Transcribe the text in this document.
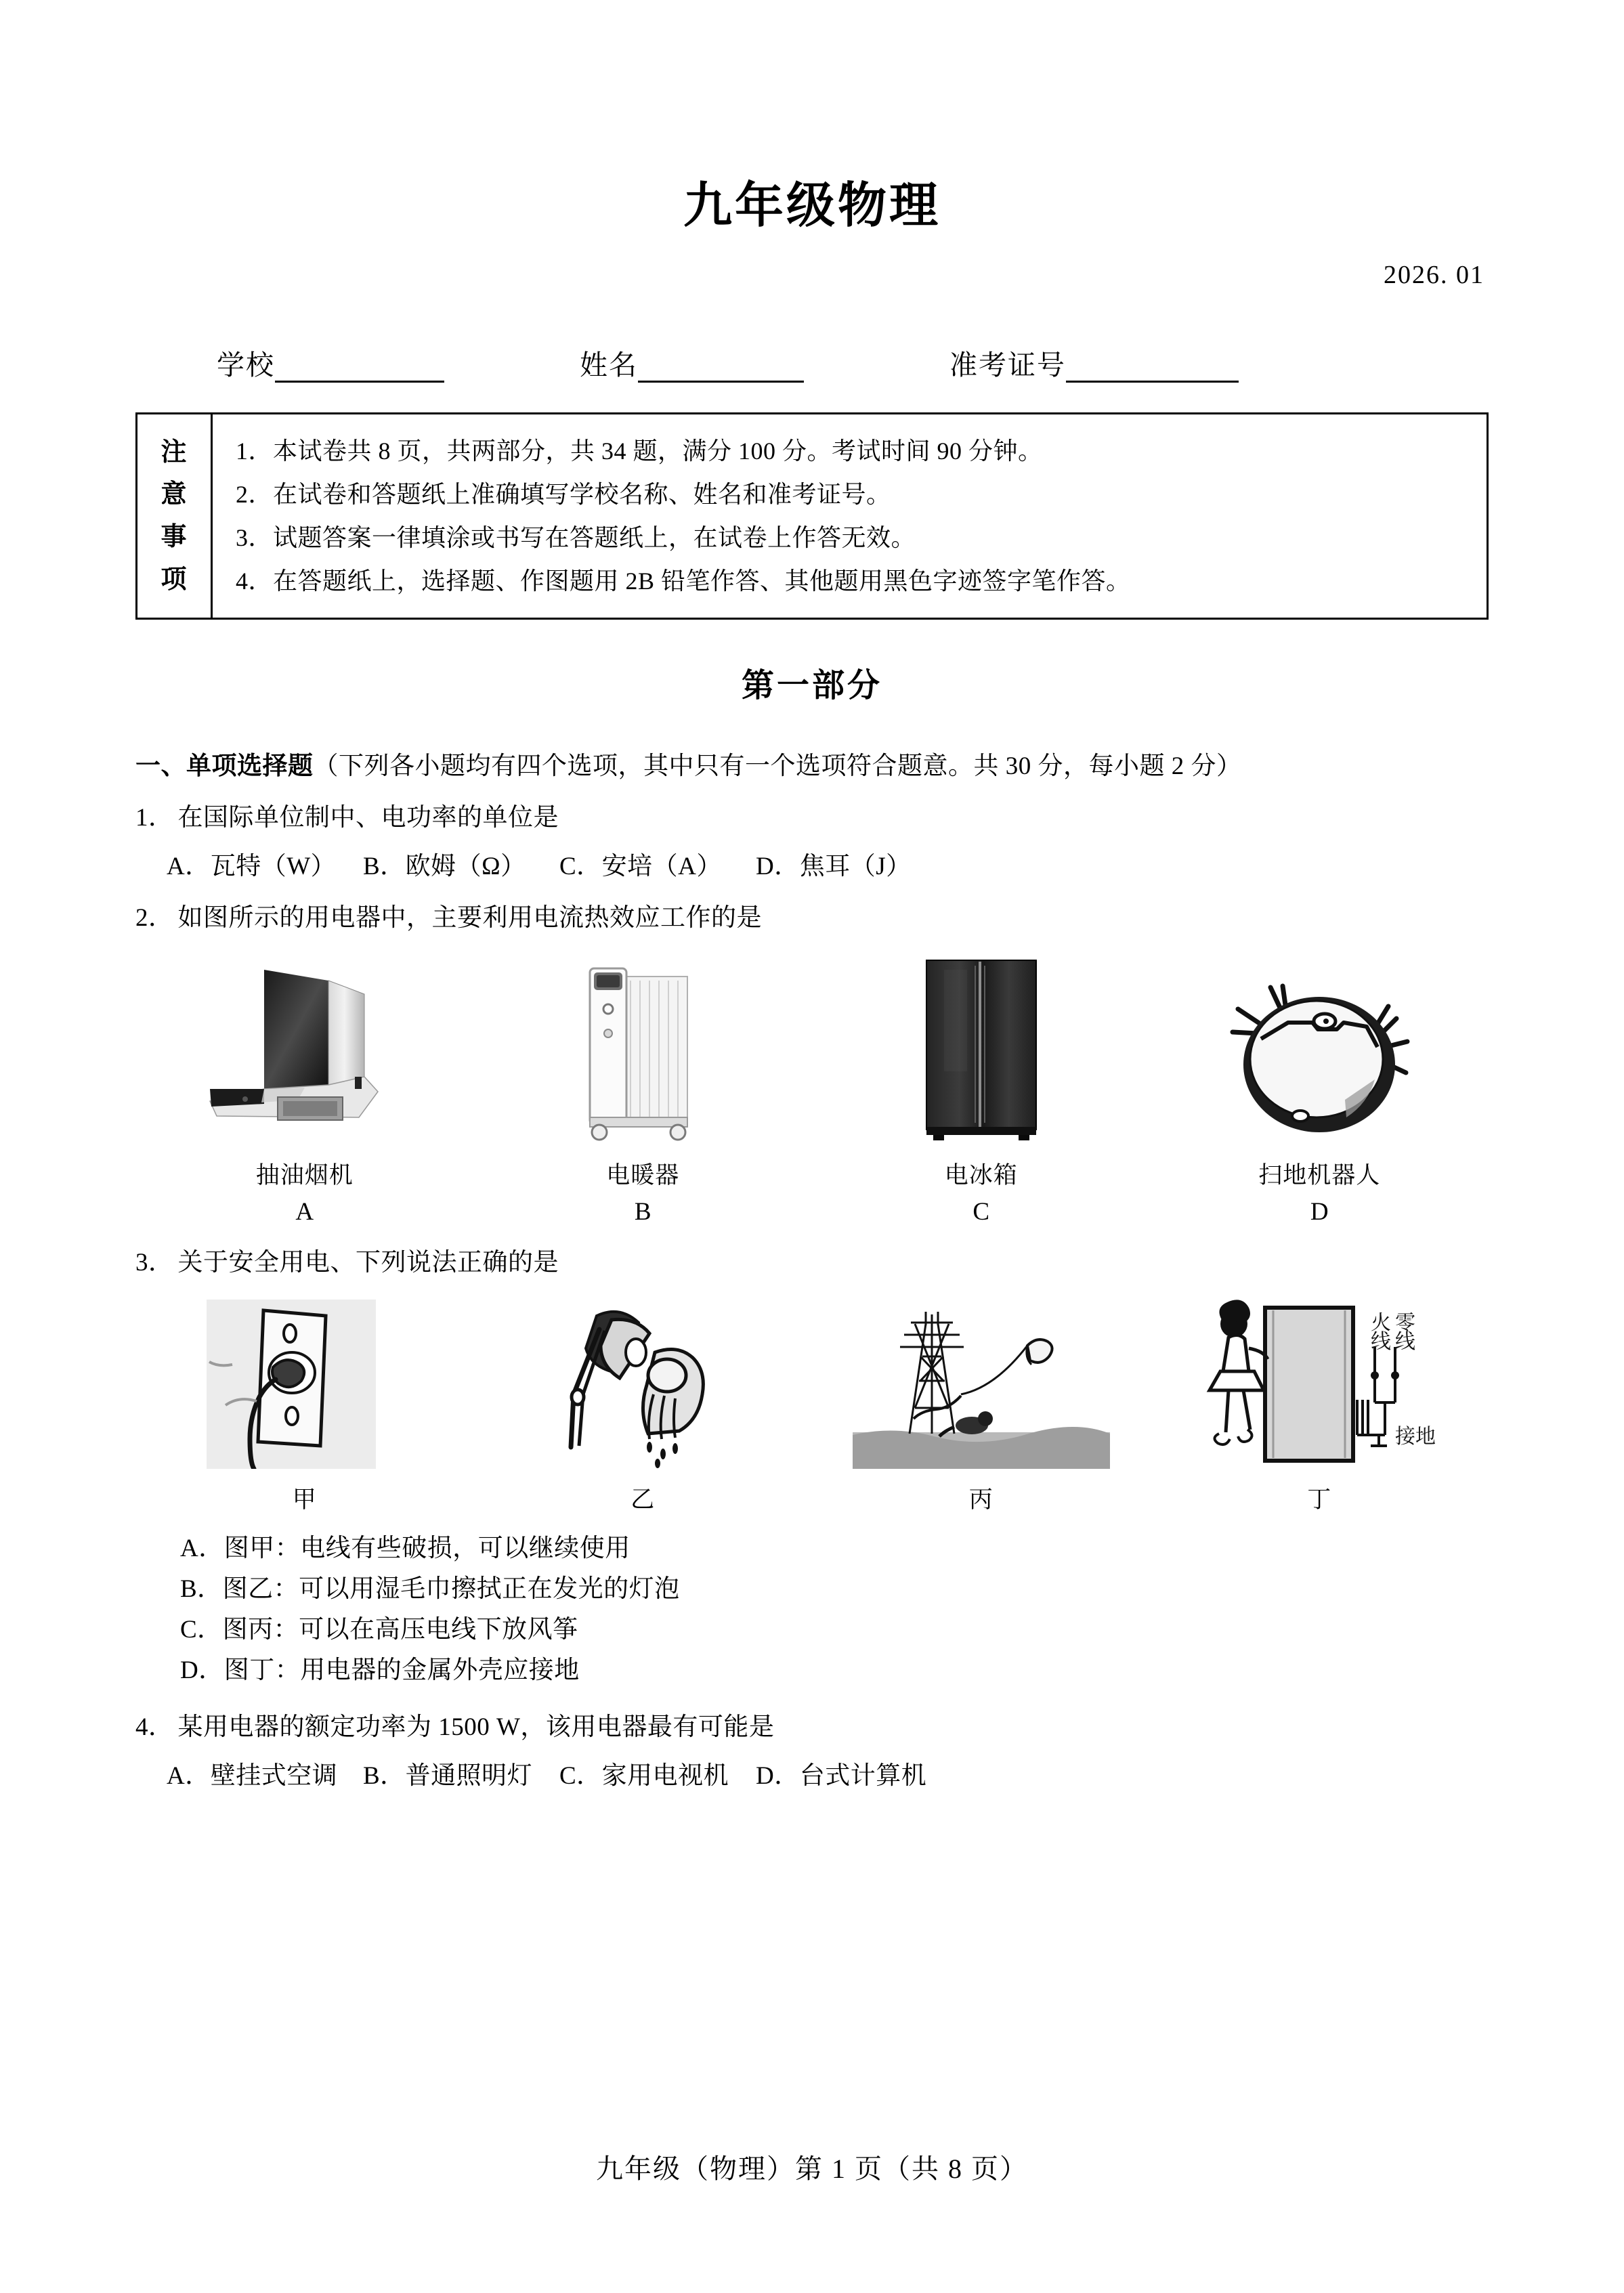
九年级物理
2026. 01
学校	姓名	准考证号
注
意
事
项
1．本试卷共 8 页，共两部分，共 34 题，满分 100 分。考试时间 90 分钟。
2．在试卷和答题纸上准确填写学校名称、姓名和准考证号。
3．试题答案一律填涂或书写在答题纸上，在试卷上作答无效。
4．在答题纸上，选择题、作图题用 2B 铅笔作答、其他题用黑色字迹签字笔作答。
第一部分
一、单项选择题（下列各小题均有四个选项，其中只有一个选项符合题意。共 30 分，每小题 2 分）
1． 在国际单位制中、电功率的单位是
A．瓦特（W）	B．欧姆（Ω）	C．安培（A）	D．焦耳（J）
2． 如图所示的用电器中，主要利用电流热效应工作的是
抽油烟机
A
电暖器
B
电冰箱
C
扫地机器人
D
3． 关于安全用电、下列说法正确的是
甲	乙	丙
火
线
零
线
接地
丁
A．图甲：电线有些破损，可以继续使用
B．图乙：可以用湿毛巾擦拭正在发光的灯泡
C．图丙：可以在高压电线下放风筝
D．图丁：用电器的金属外壳应接地
4． 某用电器的额定功率为 1500 W，该用电器最有可能是
A．壁挂式空调	B．普通照明灯	C．家用电视机	D．台式计算机
九年级（物理）第 1 页（共 8 页）
